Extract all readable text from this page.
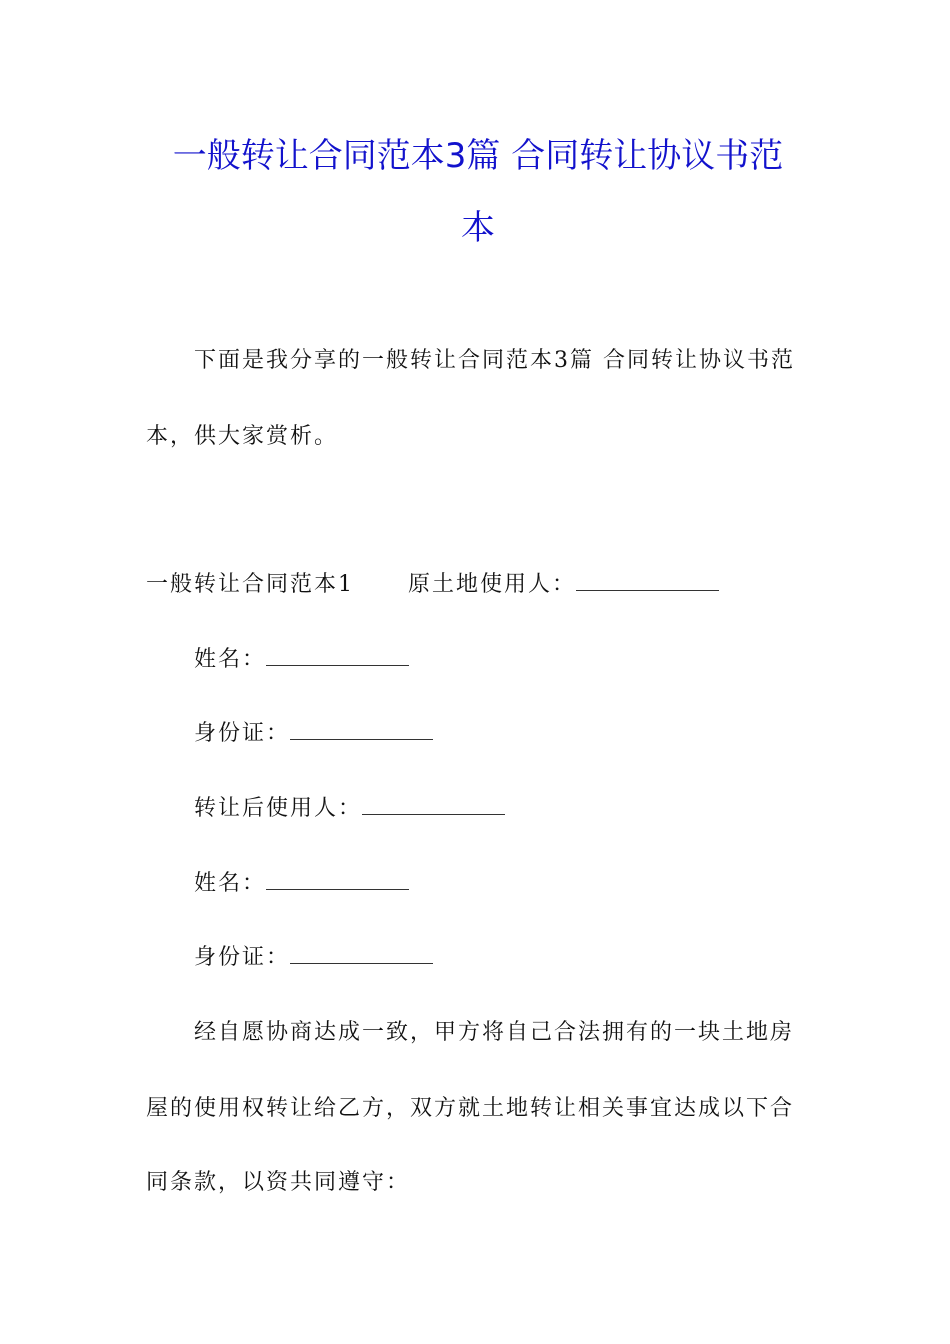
一般转让合同范本3篇 合同转让协议书范
本
下面是我分享的一般转让合同范本3篇 合同转让协议书范
本，供大家赏析。
一般转让合同范本1 原土地使用人：
姓名：
身份证：
转让后使用人：
姓名：
身份证：
经自愿协商达成一致，甲方将自己合法拥有的一块土地房
屋的使用权转让给乙方，双方就土地转让相关事宜达成以下合
同条款，以资共同遵守：
